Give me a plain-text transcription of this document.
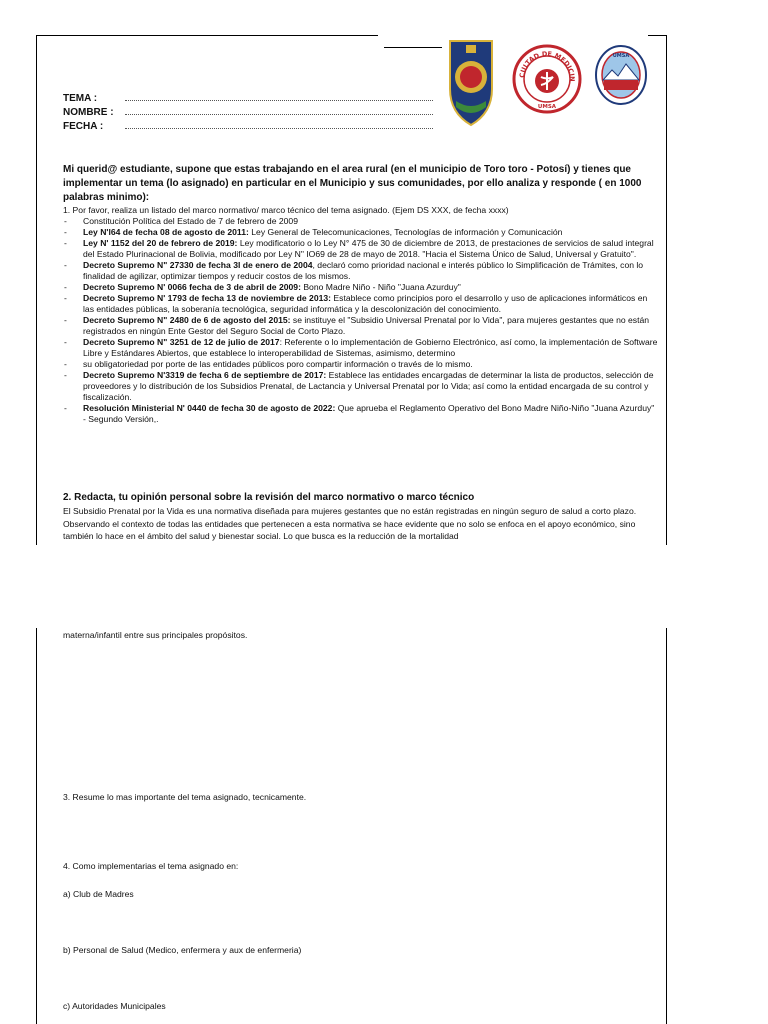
CULTAD DE MEDICIN
UMSA
UMSA
TEMA :
NOMBRE :
FECHA :
Mi querid@ estudiante, supone que estas trabajando en el area rural (en el municipio de Toro toro - Potosí) y tienes que implementar un tema (lo asignado) en particular en el Municipio y sus comunidades, por ello analiza y responde ( en 1000 palabras minimo):
1. Por favor, realiza un listado del marco normativo/ marco técnico del tema asignado. (Ejem DS XXX, de fecha xxxx)
- Constitución Política del Estado de 7 de febrero de 2009
- Ley N'l64 de fecha 08 de agosto de 2011: Ley General de Telecomunicaciones, Tecnologías de información y Comunicación
- Ley N' 1152 del 20 de febrero de 2019: Ley modificatorio o lo Ley N° 475 de 30 de diciembre de 2013, de prestaciones de servicios de salud integral del Estado Plurinacional de Bolivia, modificado por Ley N" IO69 de 28 de mayo de 2018. "Hacia el Sistema Único de Salud, Universal y Gratuito".
- Decreto Supremo N" 27330 de fecha 3l de enero de 2004, declaró como prioridad nacional e interés público lo Simplificación de Trámites, con lo finalidad de agilizar, optimizar tiempos y reducir costos de los mismos.
- Decreto Supremo N' 0066 fecha de 3 de abril de 2009: Bono Madre Niño - Niño "Juana Azurduy"
- Decreto Supremo N' 1793 de fecha 13 de noviembre de 2013: Establece como principios poro el desarrollo y uso de aplicaciones informáticos en las entidades públicas, la soberanía tecnológica, seguridad informática y la descolonización del conocimiento.
- Decreto Supremo N" 2480 de 6 de agosto del 2015: se instituye el "Subsidio Universal Prenatal por lo Vida", para mujeres gestantes que no están registrados en ningún Ente Gestor del Seguro Social de Corto Plazo.
- Decreto Supremo N" 3251 de 12 de julio de 2017: Referente o lo implementación de Gobierno Electrónico, así como, la implementación de Software Libre y Estándares Abiertos, que establece lo interoperabilidad de Sistemas, asimismo, determino
- su obligatoriedad por porte de las entidades públicos poro compartir información o través de lo mismo.
- Decreto Supremo N'3319 de fecha 6 de septiembre de 2017: Establece las entidades encargadas de determinar la lista de productos, selección de proveedores y lo distribución de los Subsidios Prenatal, de Lactancia y Universal Prenatal por lo Vida; así como la entidad encargada de su control y fiscalización.
- Resolución Ministerial N' 0440 de fecha 30 de agosto de 2022: Que aprueba el Reglamento Operativo del Bono Madre Niño-Niño "Juana Azurduy" - Segundo Versión,.
2. Redacta, tu opinión personal sobre la revisión del marco normativo o marco técnico
El Subsidio Prenatal por la Vida es una normativa diseñada para mujeres gestantes que no están registradas en ningún seguro de salud a corto plazo. Observando el contexto de todas las entidades que pertenecen a esta normativa se hace evidente que no solo se enfoca en el apoyo económico, sino también lo hace en el ámbito del salud y bienestar social. Lo que busca es la reducción de la mortalidad
materna/infantil entre sus principales propósitos.
3. Resume lo mas importante del tema asignado, tecnicamente.
4. Como implementarias el tema asignado en:
a) Club de Madres
b) Personal de Salud (Medico, enfermera y aux de enfermeria)
c) Autoridades Municipales
